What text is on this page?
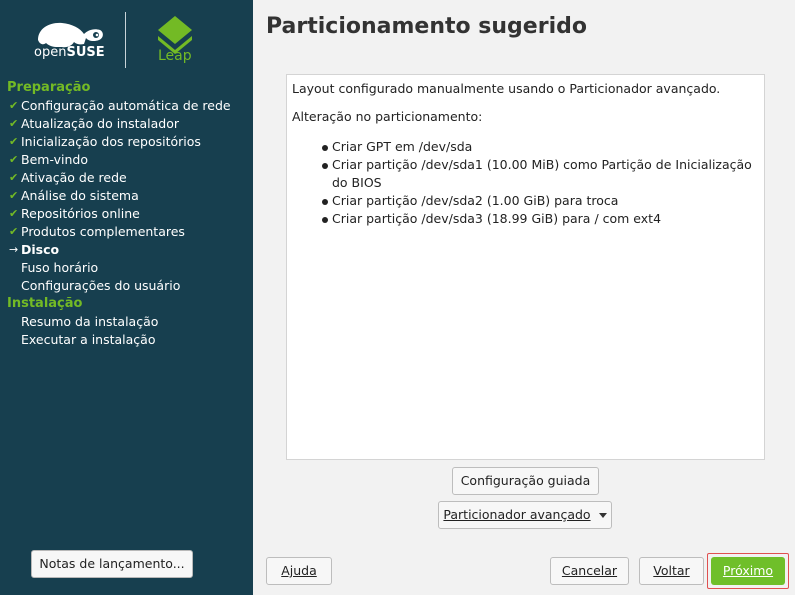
openSUSE	Leap
Preparação
✔ Configuração automática de rede
✔ Atualização do instalador
✔ Inicialização dos repositórios
✔ Bem-vindo
✔ Ativação de rede
✔ Análise do sistema
✔ Repositórios online
✔ Produtos complementares
→ Disco
Fuso horário
Configurações do usuário
Instalação
Resumo da instalação
Executar a instalação
Notas de lançamento...
Particionamento sugerido

Layout configurado manualmente usando o Particionador avançado.

Alteração no particionamento:

Criar GPT em /dev/sda
Criar partição /dev/sda1 (10.00 MiB) como Partição de Inicialização do BIOS
Criar partição /dev/sda2 (1.00 GiB) para troca
Criar partição /dev/sda3 (18.99 GiB) para / com ext4
Configuração guiada
Particionador avançado
Ajuda	Cancelar	Voltar	Próximo
